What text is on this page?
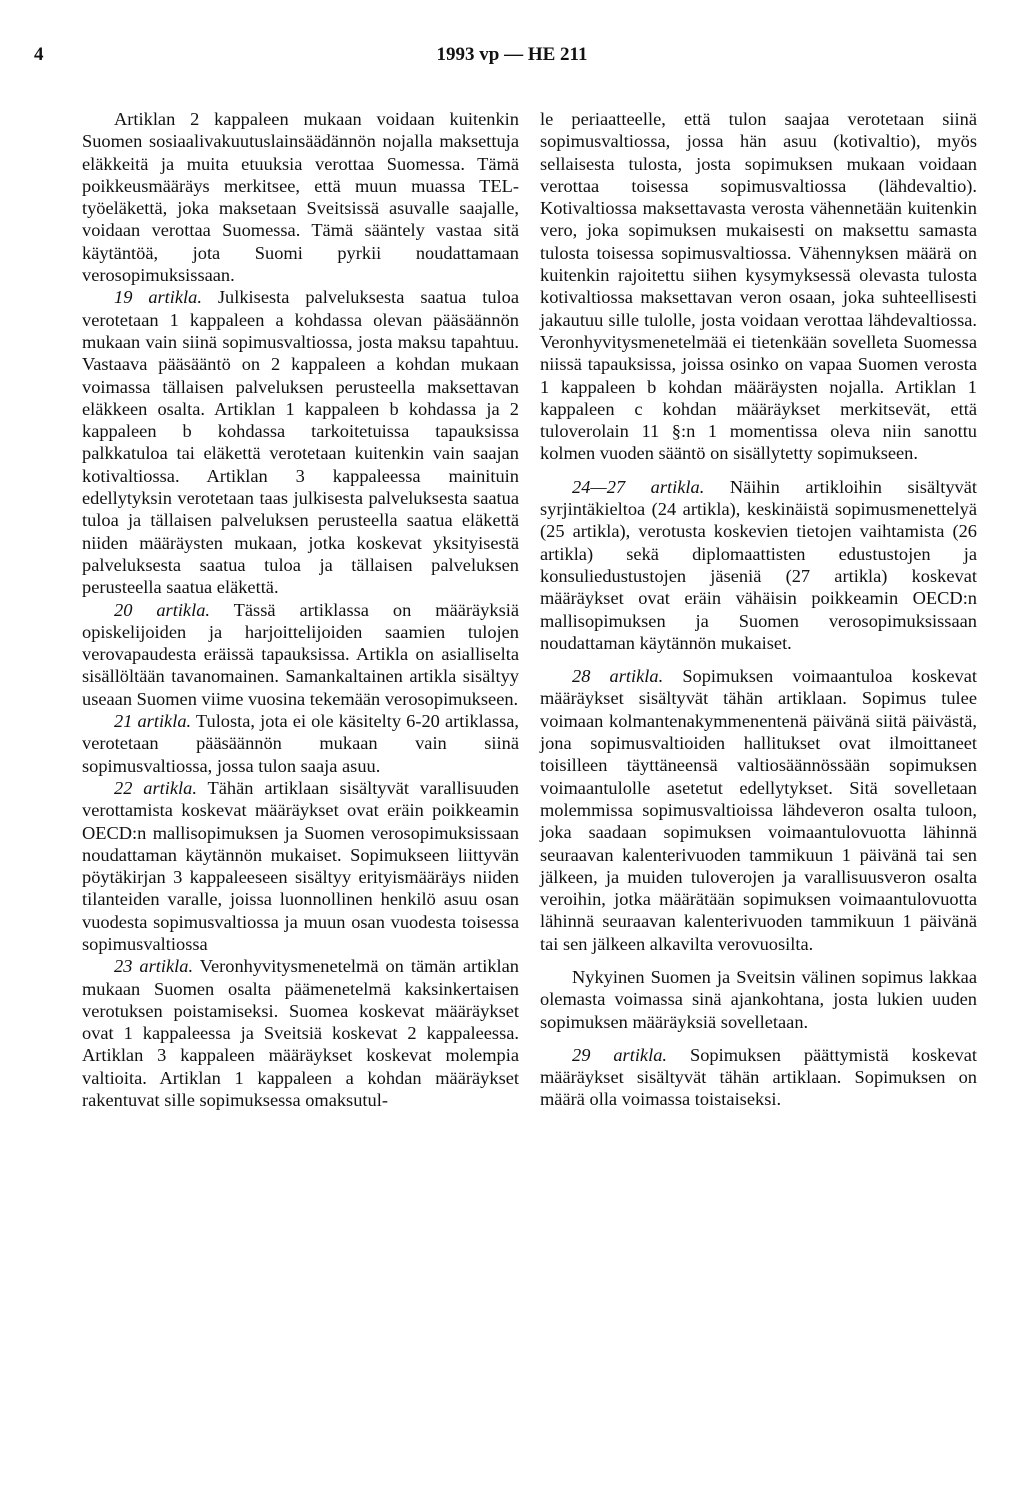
4	1993 vp — HE 211

Artiklan 2 kappaleen mukaan voidaan kuitenkin Suomen sosiaalivakuutuslainsäädännön nojalla maksettuja eläkkeitä ja muita etuuksia verottaa Suomessa. Tämä poikkeusmääräys merkitsee, että muun muassa TEL-työeläkettä, joka maksetaan Sveitsissä asuvalle saajalle, voidaan verottaa Suomessa. Tämä sääntely vastaa sitä käytäntöä, jota Suomi pyrkii noudattamaan verosopimuksissaan.

19 artikla. Julkisesta palveluksesta saatua tuloa verotetaan 1 kappaleen a kohdassa olevan pääsäännön mukaan vain siinä sopimusvaltiossa, josta maksu tapahtuu. Vastaava pääsääntö on 2 kappaleen a kohdan mukaan voimassa tällaisen palveluksen perusteella maksettavan eläkkeen osalta. Artiklan 1 kappaleen b kohdassa ja 2 kappaleen b kohdassa tarkoitetuissa tapauksissa palkkatuloa tai eläkettä verotetaan kuitenkin vain saajan kotivaltiossa. Artiklan 3 kappaleessa mainituin edellytyksin verotetaan taas julkisesta palveluksesta saatua tuloa ja tällaisen palveluksen perusteella saatua eläkettä niiden määräysten mukaan, jotka koskevat yksityisestä palveluksesta saatua tuloa ja tällaisen palveluksen perusteella saatua eläkettä.

20 artikla. Tässä artiklassa on määräyksiä opiskelijoiden ja harjoittelijoiden saamien tulojen verovapaudesta eräissä tapauksissa. Artikla on asialliselta sisällöltään tavanomainen. Samankaltainen artikla sisältyy useaan Suomen viime vuosina tekemään verosopimukseen.

21 artikla. Tulosta, jota ei ole käsitelty 6-20 artiklassa, verotetaan pääsäännön mukaan vain siinä sopimusvaltiossa, jossa tulon saaja asuu.

22 artikla. Tähän artiklaan sisältyvät varallisuuden verottamista koskevat määräykset ovat eräin poikkeamin OECD:n mallisopimuksen ja Suomen verosopimuksissaan noudattaman käytännön mukaiset. Sopimukseen liittyvän pöytäkirjan 3 kappaleeseen sisältyy erityismääräys niiden tilanteiden varalle, joissa luonnollinen henkilö asuu osan vuodesta sopimusvaltiossa ja muun osan vuodesta toisessa sopimusvaltiossa

23 artikla. Veronhyvitysmenetelmä on tämän artiklan mukaan Suomen osalta päämenetelmä kaksinkertaisen verotuksen poistamiseksi. Suomea koskevat määräykset ovat 1 kappaleessa ja Sveitsiä koskevat 2 kappaleessa. Artiklan 3 kappaleen määräykset koskevat molempia valtioita. Artiklan 1 kappaleen a kohdan määräykset rakentuvat sille sopimuksessa omaksutul-

le periaatteelle, että tulon saajaa verotetaan siinä sopimusvaltiossa, jossa hän asuu (kotivaltio), myös sellaisesta tulosta, josta sopimuksen mukaan voidaan verottaa toisessa sopimusvaltiossa (lähdevaltio). Kotivaltiossa maksettavasta verosta vähennetään kuitenkin vero, joka sopimuksen mukaisesti on maksettu samasta tulosta toisessa sopimusvaltiossa. Vähennyksen määrä on kuitenkin rajoitettu siihen kysymyksessä olevasta tulosta kotivaltiossa maksettavan veron osaan, joka suhteellisesti jakautuu sille tulolle, josta voidaan verottaa lähdevaltiossa. Veronhyvitysmenetelmää ei tietenkään sovelleta Suomessa niissä tapauksissa, joissa osinko on vapaa Suomen verosta 1 kappaleen b kohdan määräysten nojalla. Artiklan 1 kappaleen c kohdan määräykset merkitsevät, että tuloverolain 11 §:n 1 momentissa oleva niin sanottu kolmen vuoden sääntö on sisällytetty sopimukseen.

24—27 artikla. Näihin artikloihin sisältyvät syrjintäkieltoa (24 artikla), keskinäistä sopimusmenettelyä (25 artikla), verotusta koskevien tietojen vaihtamista (26 artikla) sekä diplomaattisten edustustojen ja konsuliedustustojen jäseniä (27 artikla) koskevat määräykset ovat eräin vähäisin poikkeamin OECD:n mallisopimuksen ja Suomen verosopimuksissaan noudattaman käytännön mukaiset.

28 artikla. Sopimuksen voimaantuloa koskevat määräykset sisältyvät tähän artiklaan. Sopimus tulee voimaan kolmantenakymmenentenä päivänä siitä päivästä, jona sopimusvaltioiden hallitukset ovat ilmoittaneet toisilleen täyttäneensä valtiosäännössään sopimuksen voimaantulolle asetetut edellytykset. Sitä sovelletaan molemmissa sopimusvaltioissa lähdeveron osalta tuloon, joka saadaan sopimuksen voimaantulovuotta lähinnä seuraavan kalenterivuoden tammikuun 1 päivänä tai sen jälkeen, ja muiden tuloverojen ja varallisuusveron osalta veroihin, jotka määrätään sopimuksen voimaantulovuotta lähinnä seuraavan kalenterivuoden tammikuun 1 päivänä tai sen jälkeen alkavilta verovuosilta.

Nykyinen Suomen ja Sveitsin välinen sopimus lakkaa olemasta voimassa sinä ajankohtana, josta lukien uuden sopimuksen määräyksiä sovelletaan.

29 artikla. Sopimuksen päättymistä koskevat määräykset sisältyvät tähän artiklaan. Sopimuksen on määrä olla voimassa toistaiseksi.
